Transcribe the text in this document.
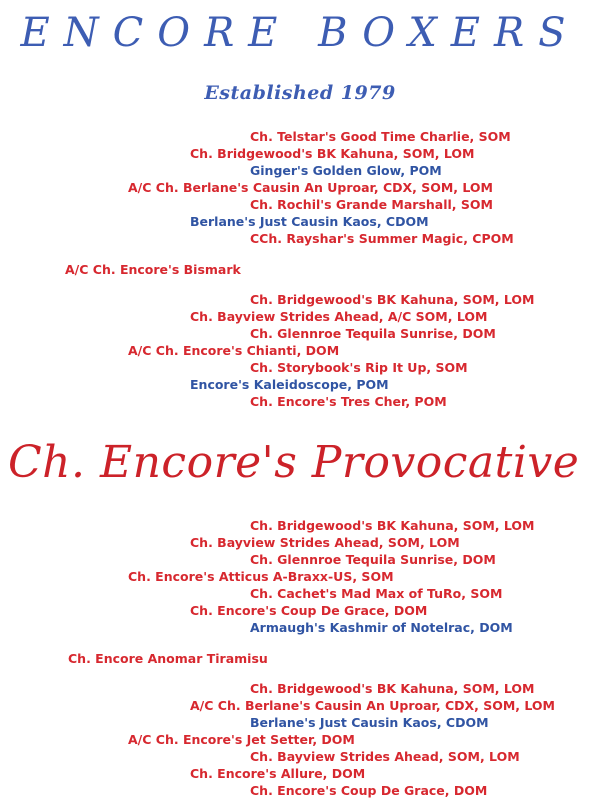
ENCORE BOXERS
Established 1979
Ch. Telstar's Good Time Charlie, SOM
Ch. Bridgewood's BK Kahuna, SOM, LOM
Ginger's Golden Glow, POM
A/C Ch. Berlane's Causin An Uproar, CDX, SOM, LOM
Ch. Rochil's Grande Marshall, SOM
Berlane's Just Causin Kaos, CDOM
CCh. Rayshar's Summer Magic, CPOM
A/C Ch. Encore's Bismark
Ch. Bridgewood's BK Kahuna, SOM, LOM
Ch. Bayview Strides Ahead, A/C SOM, LOM
Ch. Glennroe Tequila Sunrise, DOM
A/C Ch. Encore's Chianti, DOM
Ch. Storybook's Rip It Up, SOM
Encore's Kaleidoscope, POM
Ch. Encore's Tres Cher, POM
Ch. Encore's Provocative
Ch. Bridgewood's BK Kahuna, SOM, LOM
Ch. Bayview Strides Ahead, SOM, LOM
Ch. Glennroe Tequila Sunrise, DOM
Ch. Encore's Atticus A-Braxx-US, SOM
Ch. Cachet's Mad Max of TuRo, SOM
Ch. Encore's Coup De Grace, DOM
Armaugh's Kashmir of Notelrac, DOM
Ch. Encore Anomar Tiramisu
Ch. Bridgewood's BK Kahuna, SOM, LOM
A/C Ch. Berlane's Causin An Uproar, CDX, SOM, LOM
Berlane's Just Causin Kaos, CDOM
A/C Ch. Encore's Jet Setter, DOM
Ch. Bayview Strides Ahead, SOM, LOM
Ch. Encore's Allure, DOM
Ch. Encore's Coup De Grace, DOM
